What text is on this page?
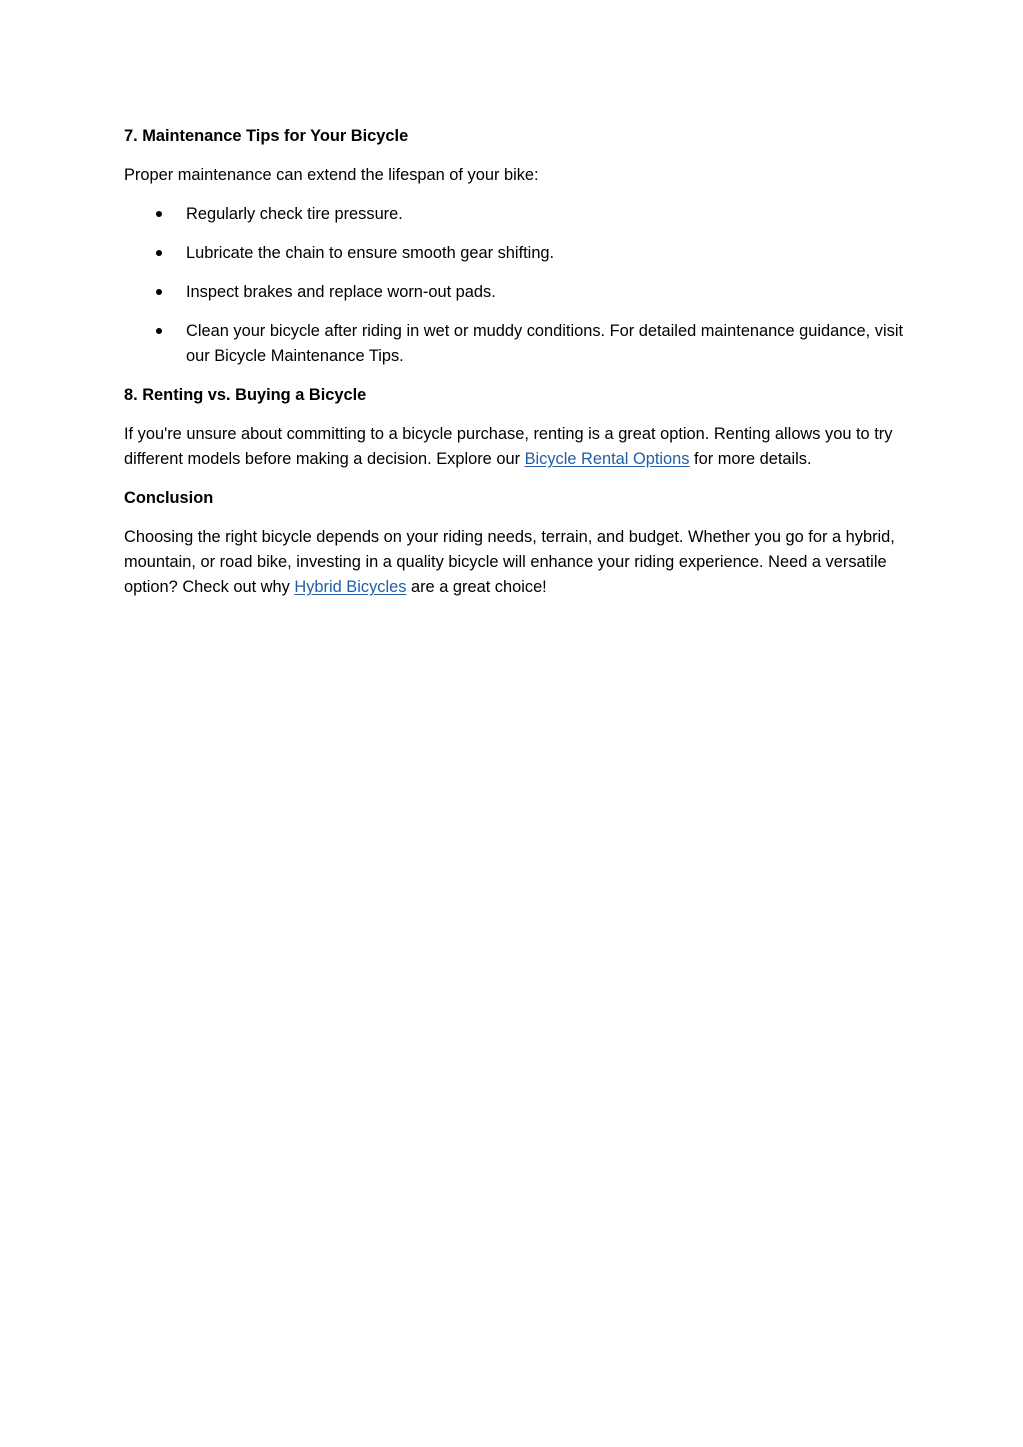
7. Maintenance Tips for Your Bicycle

Proper maintenance can extend the lifespan of your bike:

Regularly check tire pressure.
Lubricate the chain to ensure smooth gear shifting.
Inspect brakes and replace worn-out pads.
Clean your bicycle after riding in wet or muddy conditions. For detailed maintenance guidance, visit our Bicycle Maintenance Tips.

8. Renting vs. Buying a Bicycle

If you're unsure about committing to a bicycle purchase, renting is a great option. Renting allows you to try different models before making a decision. Explore our Bicycle Rental Options for more details.

Conclusion

Choosing the right bicycle depends on your riding needs, terrain, and budget. Whether you go for a hybrid, mountain, or road bike, investing in a quality bicycle will enhance your riding experience. Need a versatile option? Check out why Hybrid Bicycles are a great choice!
